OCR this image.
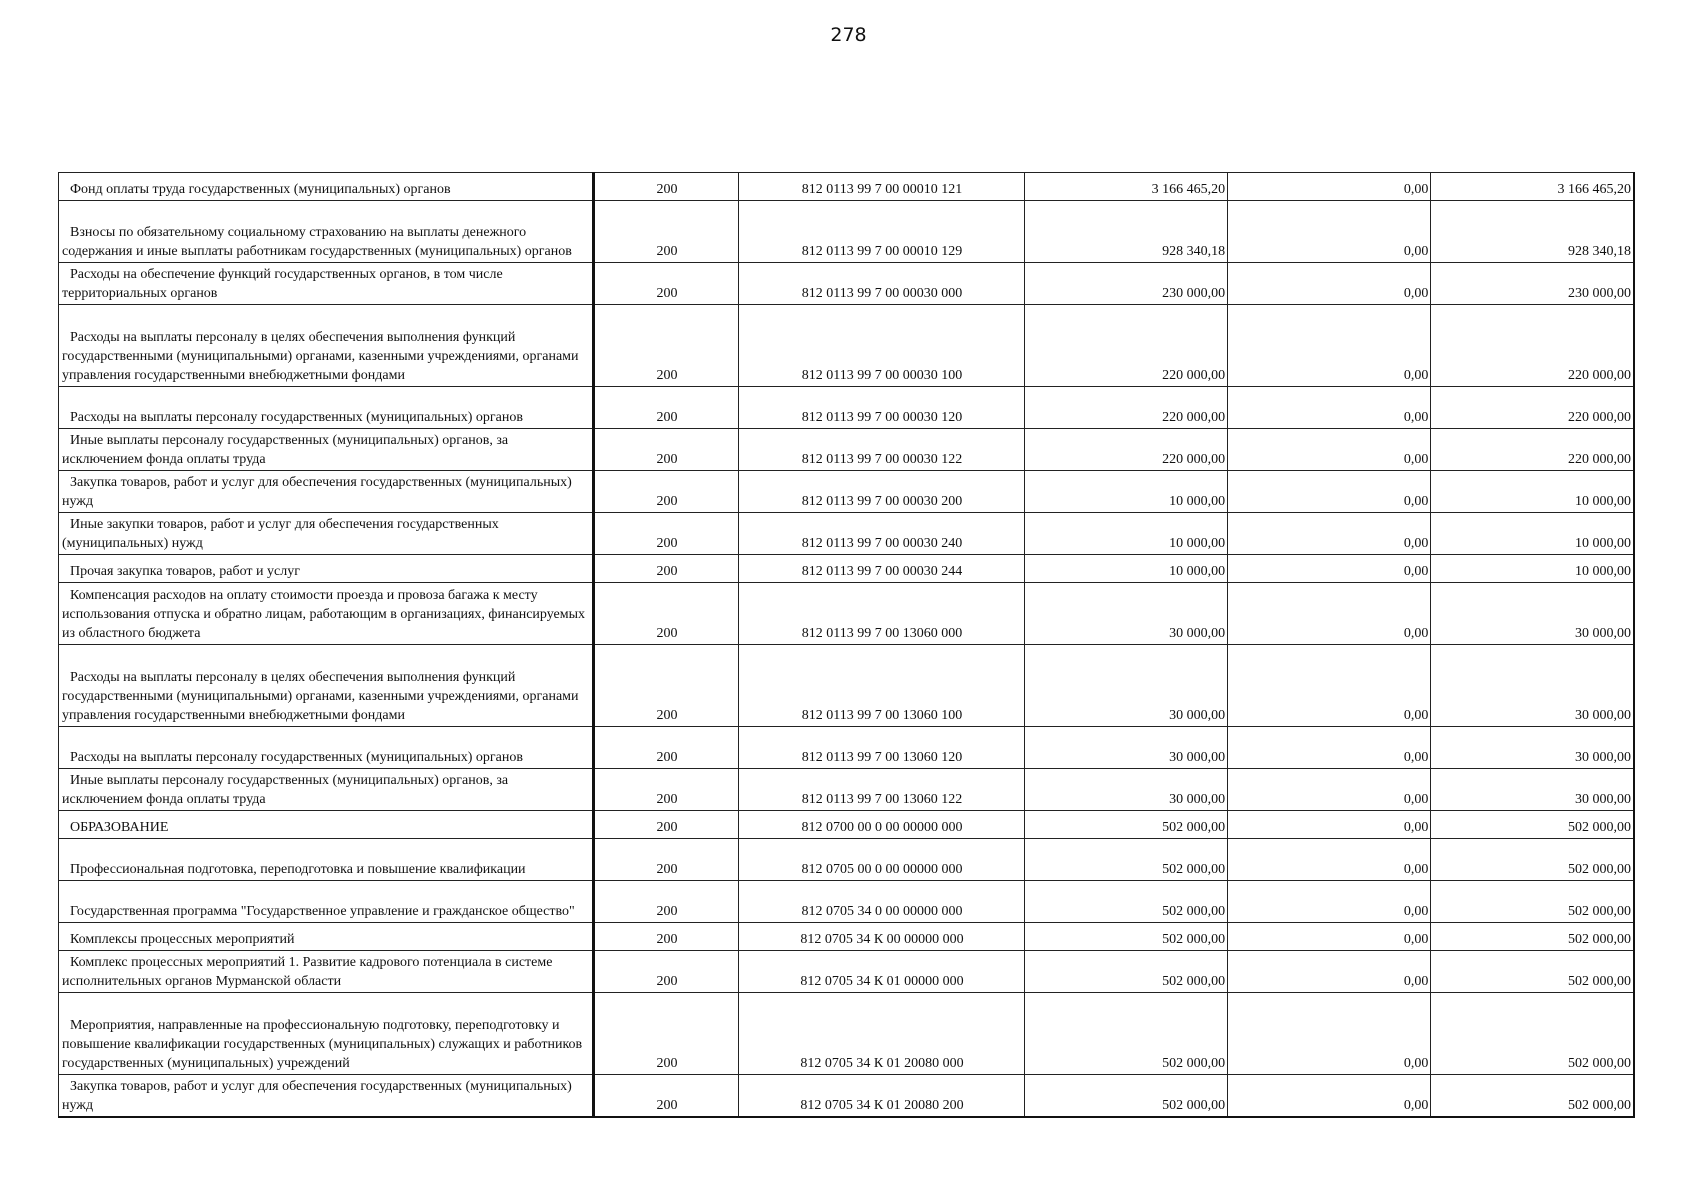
278
Фонд оплаты труда государственных (муниципальных) органов	200	812 0113 99 7 00 00010 121	3 166 465,20	0,00	3 166 465,20
Взносы по обязательному социальному страхованию на выплаты денежного содержания и иные выплаты работникам государственных (муниципальных) органов	200	812 0113 99 7 00 00010 129	928 340,18	0,00	928 340,18
Расходы на обеспечение функций государственных органов, в том числе территориальных органов	200	812 0113 99 7 00 00030 000	230 000,00	0,00	230 000,00
Расходы на выплаты персоналу в целях обеспечения выполнения функций государственными (муниципальными) органами, казенными учреждениями, органами управления государственными внебюджетными фондами	200	812 0113 99 7 00 00030 100	220 000,00	0,00	220 000,00
Расходы на выплаты персоналу государственных (муниципальных) органов	200	812 0113 99 7 00 00030 120	220 000,00	0,00	220 000,00
Иные выплаты персоналу государственных (муниципальных) органов, за исключением фонда оплаты труда	200	812 0113 99 7 00 00030 122	220 000,00	0,00	220 000,00
Закупка товаров, работ и услуг для обеспечения государственных (муниципальных) нужд	200	812 0113 99 7 00 00030 200	10 000,00	0,00	10 000,00
Иные закупки товаров, работ и услуг для обеспечения государственных (муниципальных) нужд	200	812 0113 99 7 00 00030 240	10 000,00	0,00	10 000,00
Прочая закупка товаров, работ и услуг	200	812 0113 99 7 00 00030 244	10 000,00	0,00	10 000,00
Компенсация расходов на оплату стоимости проезда и провоза багажа к месту использования отпуска и обратно лицам, работающим в организациях, финансируемых из областного бюджета	200	812 0113 99 7 00 13060 000	30 000,00	0,00	30 000,00
Расходы на выплаты персоналу в целях обеспечения выполнения функций государственными (муниципальными) органами, казенными учреждениями, органами управления государственными внебюджетными фондами	200	812 0113 99 7 00 13060 100	30 000,00	0,00	30 000,00
Расходы на выплаты персоналу государственных (муниципальных) органов	200	812 0113 99 7 00 13060 120	30 000,00	0,00	30 000,00
Иные выплаты персоналу государственных (муниципальных) органов, за исключением фонда оплаты труда	200	812 0113 99 7 00 13060 122	30 000,00	0,00	30 000,00
ОБРАЗОВАНИЕ	200	812 0700 00 0 00 00000 000	502 000,00	0,00	502 000,00
Профессиональная подготовка, переподготовка и повышение квалификации	200	812 0705 00 0 00 00000 000	502 000,00	0,00	502 000,00
Государственная программа "Государственное управление и гражданское общество"	200	812 0705 34 0 00 00000 000	502 000,00	0,00	502 000,00
Комплексы процессных мероприятий	200	812 0705 34 К 00 00000 000	502 000,00	0,00	502 000,00
Комплекс процессных мероприятий 1. Развитие кадрового потенциала в системе исполнительных органов Мурманской области	200	812 0705 34 К 01 00000 000	502 000,00	0,00	502 000,00
Мероприятия, направленные на профессиональную подготовку, переподготовку и повышение квалификации государственных (муниципальных) служащих и работников государственных (муниципальных) учреждений	200	812 0705 34 К 01 20080 000	502 000,00	0,00	502 000,00
Закупка товаров, работ и услуг для обеспечения государственных (муниципальных) нужд	200	812 0705 34 К 01 20080 200	502 000,00	0,00	502 000,00
